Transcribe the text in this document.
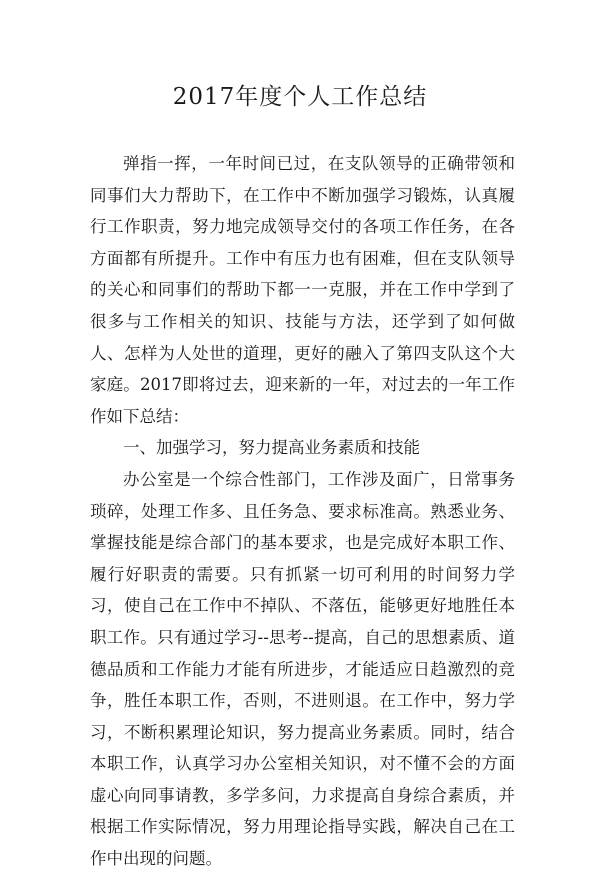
2017年度个人工作总结

弹指一挥，一年时间已过，在支队领导的正确带领和同事们大力帮助下，在工作中不断加强学习锻炼，认真履行工作职责，努力地完成领导交付的各项工作任务，在各方面都有所提升。工作中有压力也有困难，但在支队领导的关心和同事们的帮助下都一一克服，并在工作中学到了很多与工作相关的知识、技能与方法，还学到了如何做人、怎样为人处世的道理，更好的融入了第四支队这个大家庭。2017即将过去，迎来新的一年，对过去的一年工作作如下总结：

一、加强学习，努力提高业务素质和技能

办公室是一个综合性部门，工作涉及面广，日常事务琐碎，处理工作多、且任务急、要求标准高。熟悉业务、掌握技能是综合部门的基本要求，也是完成好本职工作、履行好职责的需要。只有抓紧一切可利用的时间努力学习，使自己在工作中不掉队、不落伍，能够更好地胜任本职工作。只有通过学习--思考--提高，自己的思想素质、道德品质和工作能力才能有所进步，才能适应日趋激烈的竞争，胜任本职工作，否则，不进则退。在工作中，努力学习，不断积累理论知识，努力提高业务素质。同时，结合本职工作，认真学习办公室相关知识，对不懂不会的方面虚心向同事请教，多学多问，力求提高自身综合素质，并根据工作实际情况，努力用理论指导实践，解决自己在工作中出现的问题。
